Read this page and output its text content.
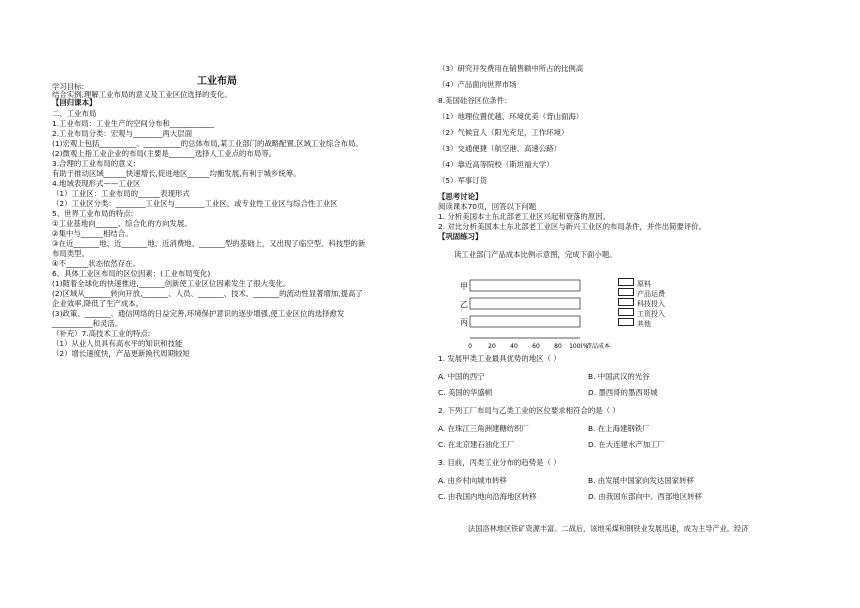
工业布局
学习目标:
结合实例,理解工业布局的意义及工业区位选择的变化。
【回归课本】
二、工业布局
1.工业布局：工业生产的空间分布和____________
2.工业布局分类：宏观与________两大层面
(1)宏观上包括__________、__________的总体布局,某工业部门的战略配置,区域工业综合布局。
(2)微观上指工业企业的布局(主要是_______选择人工业点的布局等。
3.合理的工业布局的意义:
有助于推动区域______快速增长,促进地区______均衡发展,有利于城乡统筹。
4.地域表现形式——工业区
（1）工业区：工业布局的______表现形式
（2）工业区分类：________工业区与________工业区，或专业性工业区与综合性工业区
5、世界工业布局的特点:
①工业基地向______、综合化的方向发展。
②集中与______相结合。
③在近_______地、近_______地、近消费地、_______型的基础上，又出现了临空型、科技型的新
布局类型。
④不______状态依然存在。
6、具体工业区布局的区位因素：(工业布局变化)
(1)随着全球化的快速推进,_______创新使工业区位因素发生了很大变化。
(2)区域从_______转向开放,_______、人员、_______、技术、_______的流动性显著增加,提高了
企业效率,降低了生产成本。
(3)政策、_______、通信网络的日益完善,环境保护意识的逐步增强,使工业区位的选择愈发
___________和灵活。
（补充）7.高技术工业的特点:
（1）从业人员具有高水平的知识和技能
（2）增长速度快，产品更新换代周期较短
（3）研究开发费用在销售额中所占的比例高
（4）产品面向世界市场
8.美国硅谷区位条件：
（1）地理位置优越、环境优美（背山面海）
（2）气候宜人（阳光充足，工作环境）
（3）交通便捷（航空港、高速公路）
（4）靠近高等院校（斯坦福大学）
（5）军事订货
【思考讨论】
阅读课本70页，回答以下问题
1. 分析美国本土东北部老工业区兴起和衰落的原因。
2. 对比分析美国本土东北部老工业区与新兴工业区的布局条件，并作出简要评价。
【巩固练习】
读工业部门产品成本比例示意图，完成下面小题。
甲
乙
丙
0	20 40 60 80 100(%)
产品成本
原料
产品运费
科技投入
工资投入
其他
1. 发展甲类工业最具优势的地区（ ）
A. 中国的西宁	B. 中国武汉的光谷
C. 美国的华盛顿	D. 墨西哥的墨西哥城
2. 下列工厂布局与乙类工业的区位要求相符合的是（ ）
A. 在珠江三角洲建糖纺织厂	B. 在上海建钢铁厂
C. 在北京建石油化工厂	D. 在大连建水产加工厂
3. 目前，丙类工业分布的趋势是（ ）
A. 由乡村向城市转移	B. 由发展中国家向发达国家转移
C. 由我国内地向沿海地区转移	D. 由我国东部向中、西部地区转移
法国洛林地区铁矿资源丰富。二战后，该地采煤和钢铁业发展迅速，成为主导产业，经济
